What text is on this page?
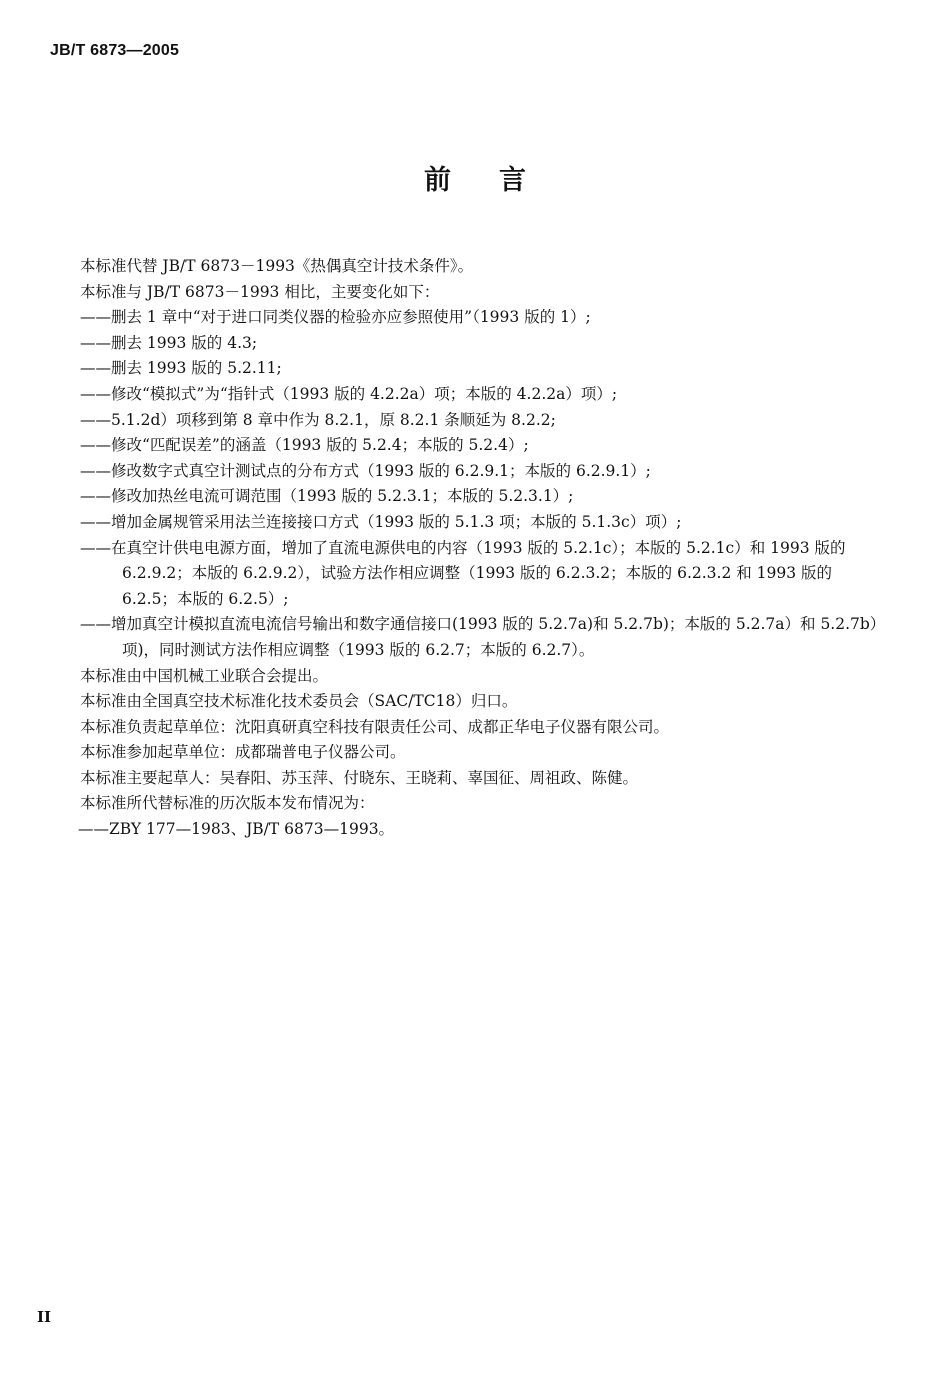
JB/T 6873—2005
前言
本标准代替 JB/T 6873－1993《热偶真空计技术条件》。
本标准与 JB/T 6873－1993 相比，主要变化如下：
——删去 1 章中“对于进口同类仪器的检验亦应参照使用”（1993 版的 1）;
——删去 1993 版的 4.3;
——删去 1993 版的 5.2.11;
——修改“模拟式”为“指针式（1993 版的 4.2.2a）项；本版的 4.2.2a）项）;
——5.1.2d）项移到第 8 章中作为 8.2.1，原 8.2.1 条顺延为 8.2.2;
——修改“匹配误差”的涵盖（1993 版的 5.2.4；本版的 5.2.4）;
——修改数字式真空计测试点的分布方式（1993 版的 6.2.9.1；本版的 6.2.9.1）;
——修改加热丝电流可调范围（1993 版的 5.2.3.1；本版的 5.2.3.1）;
——增加金属规管采用法兰连接接口方式（1993 版的 5.1.3 项；本版的 5.1.3c）项）;
——在真空计供电电源方面，增加了直流电源供电的内容（1993 版的 5.2.1c）；本版的 5.2.1c）和 1993 版的 6.2.9.2；本版的 6.2.9.2），试验方法作相应调整（1993 版的 6.2.3.2；本版的 6.2.3.2 和 1993 版的 6.2.5；本版的 6.2.5）;
——增加真空计模拟直流电流信号输出和数字通信接口(1993 版的 5.2.7a)和 5.2.7b)；本版的 5.2.7a）和 5.2.7b）项)，同时测试方法作相应调整（1993 版的 6.2.7；本版的 6.2.7）。
本标准由中国机械工业联合会提出。
本标准由全国真空技术标准化技术委员会（SAC/TC18）归口。
本标准负责起草单位：沈阳真研真空科技有限责任公司、成都正华电子仪器有限公司。
本标准参加起草单位：成都瑞普电子仪器公司。
本标准主要起草人：吴春阳、苏玉萍、付晓东、王晓莉、辜国征、周祖政、陈健。
本标准所代替标准的历次版本发布情况为：
——ZBY 177—1983、JB/T 6873—1993。
II
